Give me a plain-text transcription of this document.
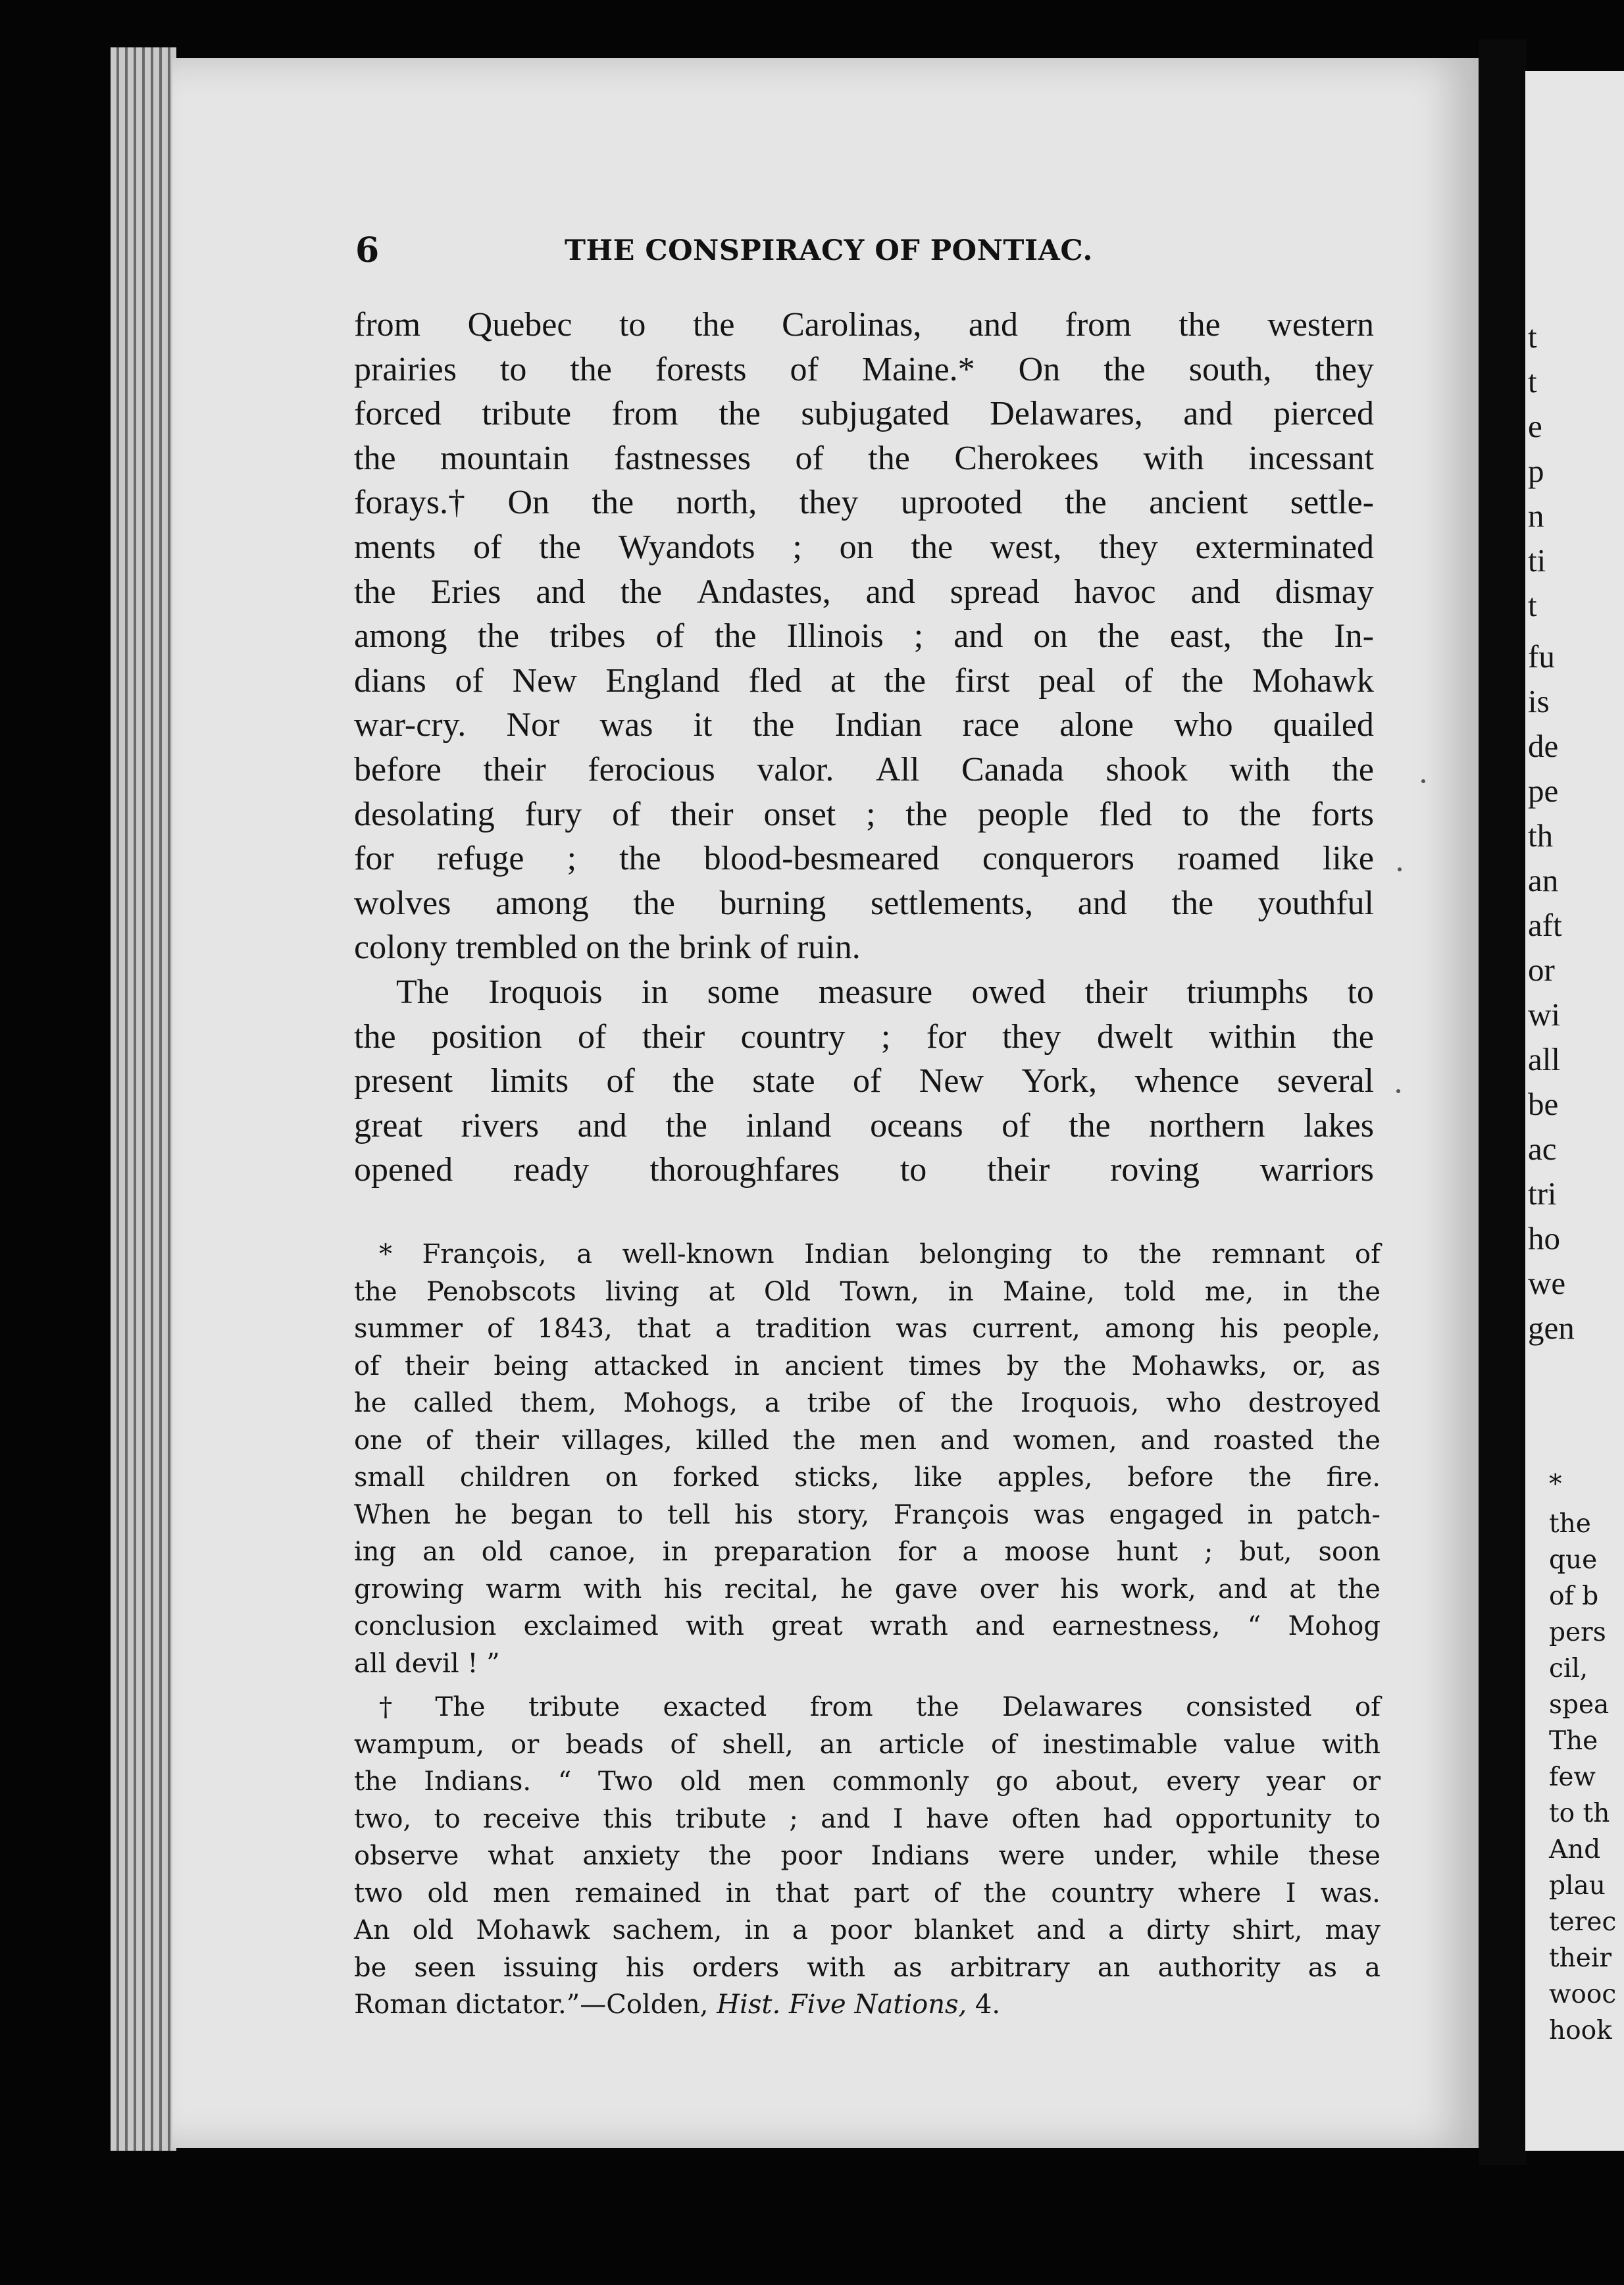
t
t
e
p
n
ti
t
fu
is
de
pe
th
an
aft
or
wi
all
be
ac
tri
ho
we
gen
*
the
que
of b
pers
cil,
spea
The
few
to th
And
plau
terec
their
wooc
hook
6	THE CONSPIRACY OF PONTIAC.
from Quebec to the Carolinas, and from the western
prairies to the forests of Maine.* On the south, they
forced tribute from the subjugated Delawares, and pierced
the mountain fastnesses of the Cherokees with incessant
forays.† On the north, they uprooted the ancient settle-
ments of the Wyandots ; on the west, they exterminated
the Eries and the Andastes, and spread havoc and dismay
among the tribes of the Illinois ; and on the east, the In-
dians of New England fled at the first peal of the Mohawk
war-cry. Nor was it the Indian race alone who quailed
before their ferocious valor. All Canada shook with the
desolating fury of their onset ; the people fled to the forts
for refuge ; the blood-besmeared conquerors roamed like
wolves among the burning settlements, and the youthful
colony trembled on the brink of ruin.
The Iroquois in some measure owed their triumphs to
the position of their country ; for they dwelt within the
present limits of the state of New York, whence several
great rivers and the inland oceans of the northern lakes
opened ready thoroughfares to their roving warriors
* François, a well-known Indian belonging to the remnant of
the Penobscots living at Old Town, in Maine, told me, in the
summer of 1843, that a tradition was current, among his people,
of their being attacked in ancient times by the Mohawks, or, as
he called them, Mohogs, a tribe of the Iroquois, who destroyed
one of their villages, killed the men and women, and roasted the
small children on forked sticks, like apples, before the fire.
When he began to tell his story, François was engaged in patch-
ing an old canoe, in preparation for a moose hunt ; but, soon
growing warm with his recital, he gave over his work, and at the
conclusion exclaimed with great wrath and earnestness, “ Mohog
all devil ! ”
† The tribute exacted from the Delawares consisted of
wampum, or beads of shell, an article of inestimable value with
the Indians. “ Two old men commonly go about, every year or
two, to receive this tribute ; and I have often had opportunity to
observe what anxiety the poor Indians were under, while these
two old men remained in that part of the country where I was.
An old Mohawk sachem, in a poor blanket and a dirty shirt, may
be seen issuing his orders with as arbitrary an authority as a
Roman dictator.”—Colden, Hist. Five Nations, 4.
